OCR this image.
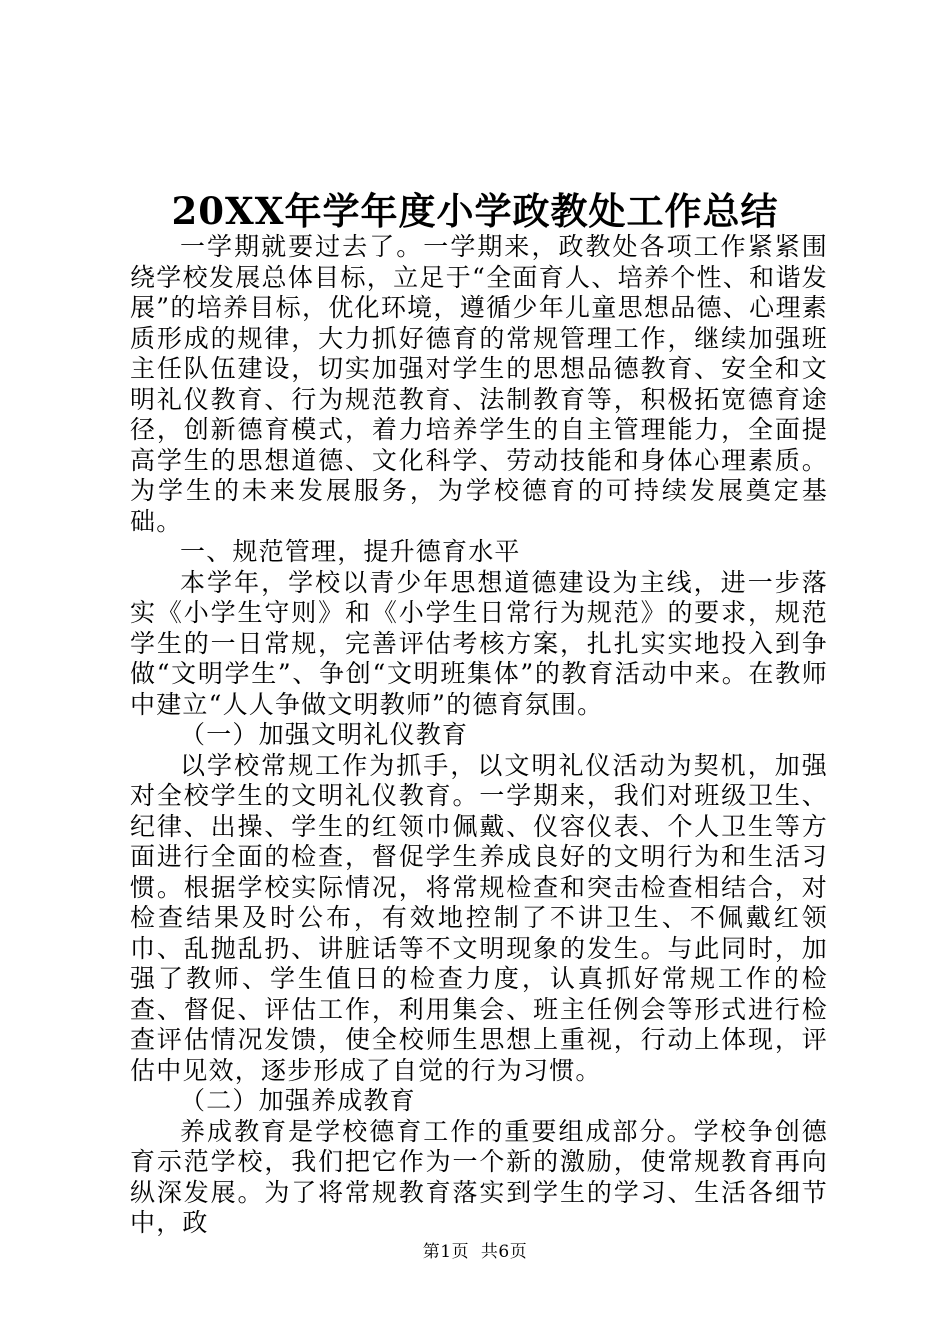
20XX年学年度小学政教处工作总结

一学期就要过去了。一学期来，政教处各项工作紧紧围绕学校发展总体目标，立足于“全面育人、培养个性、和谐发展”的培养目标，优化环境，遵循少年儿童思想品德、心理素质形成的规律，大力抓好德育的常规管理工作，继续加强班主任队伍建设，切实加强对学生的思想品德教育、安全和文明礼仪教育、行为规范教育、法制教育等，积极拓宽德育途径，创新德育模式，着力培养学生的自主管理能力，全面提高学生的思想道德、文化科学、劳动技能和身体心理素质。为学生的未来发展服务，为学校德育的可持续发展奠定基础。

一、规范管理，提升德育水平

本学年，学校以青少年思想道德建设为主线，进一步落实《小学生守则》和《小学生日常行为规范》的要求，规范学生的一日常规，完善评估考核方案，扎扎实实地投入到争做“文明学生”、争创“文明班集体”的教育活动中来。在教师中建立“人人争做文明教师”的德育氛围。

（一）加强文明礼仪教育

以学校常规工作为抓手，以文明礼仪活动为契机，加强对全校学生的文明礼仪教育。一学期来，我们对班级卫生、纪律、出操、学生的红领巾佩戴、仪容仪表、个人卫生等方面进行全面的检查，督促学生养成良好的文明行为和生活习惯。根据学校实际情况，将常规检查和突击检查相结合，对检查结果及时公布，有效地控制了不讲卫生、不佩戴红领巾、乱抛乱扔、讲脏话等不文明现象的发生。与此同时，加强了教师、学生值日的检查力度，认真抓好常规工作的检查、督促、评估工作，利用集会、班主任例会等形式进行检查评估情况发馈，使全校师生思想上重视，行动上体现，评估中见效，逐步形成了自觉的行为习惯。

（二）加强养成教育

养成教育是学校德育工作的重要组成部分。学校争创德育示范学校，我们把它作为一个新的激励，使常规教育再向纵深发展。为了将常规教育落实到学生的学习、生活各细节中，政

第1页 共6页
